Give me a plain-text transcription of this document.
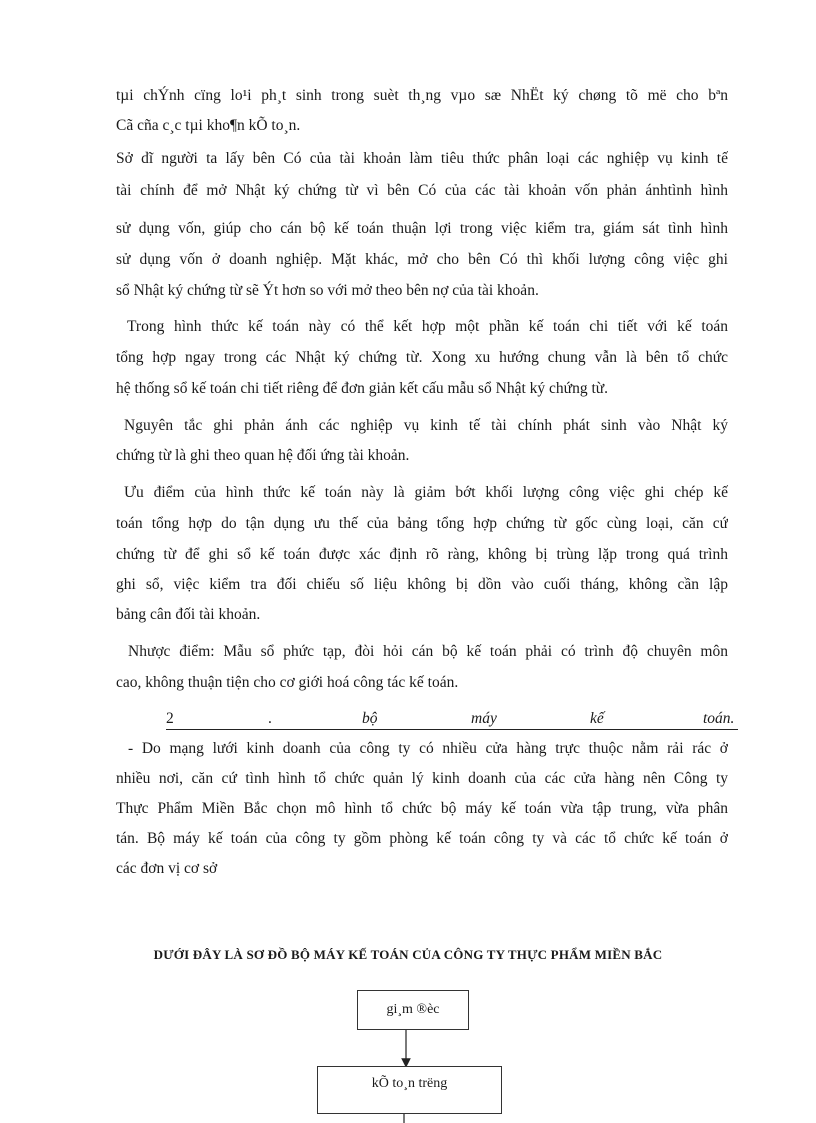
tµi chÝnh cïng lo¹i ph¸t sinh trong suèt th¸ng vµo sæ NhËt ký chøng tõ më cho bªn
Cã cña c¸c tµi kho¶n kÕ to¸n.
Sở dĩ người ta lấy bên Có của tài khoản làm tiêu thức phân loại các nghiệp vụ kinh tế
tài chính để mở Nhật ký chứng từ vì bên Có của các tài khoản vốn phản ánhtình hình
sử dụng vốn, giúp cho cán bộ kế toán thuận lợi trong việc kiểm tra, giám sát tình hình
sử dụng vốn ở doanh nghiệp. Mặt khác, mở cho bên Có thì khối lượng công việc ghi
sổ Nhật ký chứng từ sẽ Ýt hơn so với mở theo bên nợ của tài khoản.
Trong hình thức kế toán này có thể kết hợp một phần kế toán chi tiết với kế toán
tổng hợp ngay trong các Nhật ký chứng từ. Xong xu hướng chung vẫn là bên tổ chức
hệ thống sổ kế toán chi tiết riêng để đơn giản kết cấu mẫu sổ Nhật ký chứng từ.
Nguyên tắc ghi phản ánh các nghiệp vụ kinh tế tài chính phát sinh vào Nhật ký
chứng từ là ghi theo quan hệ đối ứng tài khoản.
Ưu điểm của hình thức kế toán này là giảm bớt khối lượng công việc ghi chép kế
toán tổng hợp do tận dụng ưu thế của bảng tổng hợp chứng từ gốc cùng loại, căn cứ
chứng từ để ghi sổ kế toán được xác định rõ ràng, không bị trùng lặp trong quá trình
ghi sổ, việc kiểm tra đối chiếu số liệu không bị dồn vào cuối tháng, không cần lập
bảng cân đối tài khoản.
Nhược điểm: Mẫu sổ phức tạp, đòi hỏi cán bộ kế toán phải có trình độ chuyên môn
cao, không thuận tiện cho cơ giới hoá công tác kế toán.
2	.	bộ	máy	kế	toán.
- Do mạng lưới kinh doanh của công ty có nhiều cửa hàng trực thuộc nằm rải rác ở
nhiều nơi, căn cứ tình hình tổ chức quản lý kinh doanh của các cửa hàng nên Công ty
Thực Phẩm Miền Bắc chọn mô hình tổ chức bộ máy kế toán vừa tập trung, vừa phân
tán. Bộ máy kế toán của công ty gồm phòng kế toán công ty và các tổ chức kế toán ở
các đơn vị cơ sở
DƯỚI ĐÂY LÀ SƠ ĐỒ BỘ MÁY KẾ TOÁN CỦA CÔNG TY THỰC PHẨM MIỀN BẮC
gi¸m ®èc
kÕ to¸n trëng
